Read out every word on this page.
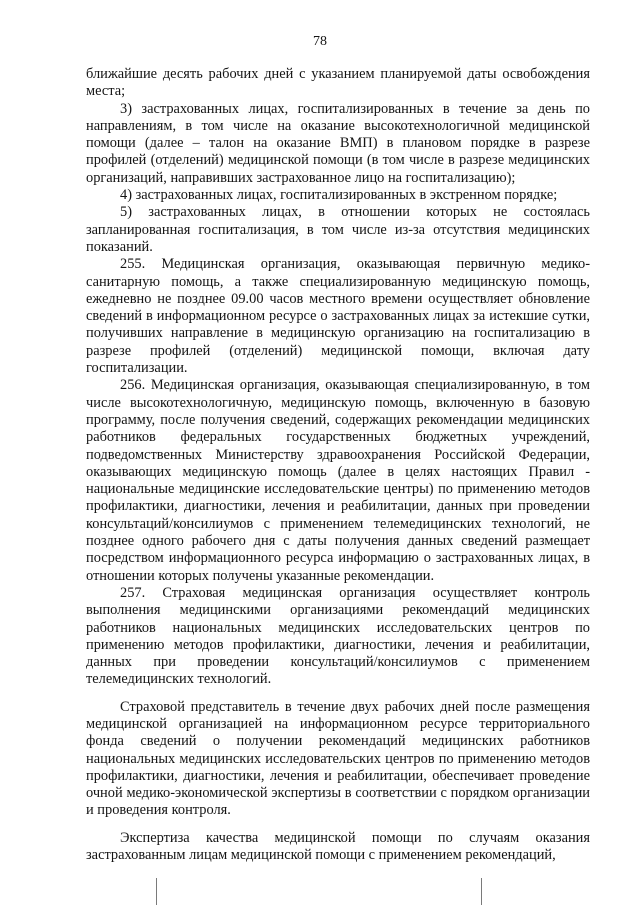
78

ближайшие десять рабочих дней с указанием планируемой даты освобождения места;

3) застрахованных лицах, госпитализированных в течение за день по направлениям, в том числе на оказание высокотехнологичной медицинской помощи (далее – талон на оказание ВМП) в плановом порядке в разрезе профилей (отделений) медицинской помощи (в том числе в разрезе медицинских организаций, направивших застрахованное лицо на госпитализацию);

4) застрахованных лицах, госпитализированных в экстренном порядке;

5) застрахованных лицах, в отношении которых не состоялась запланированная госпитализация, в том числе из-за отсутствия медицинских показаний.

255. Медицинская организация, оказывающая первичную медико-санитарную помощь, а также специализированную медицинскую помощь, ежедневно не позднее 09.00 часов местного времени осуществляет обновление сведений в информационном ресурсе о застрахованных лицах за истекшие сутки, получивших направление в медицинскую организацию на госпитализацию в разрезе профилей (отделений) медицинской помощи, включая дату госпитализации.

256. Медицинская организация, оказывающая специализированную, в том числе высокотехнологичную, медицинскую помощь, включенную в базовую программу, после получения сведений, содержащих рекомендации медицинских работников федеральных государственных бюджетных учреждений, подведомственных Министерству здравоохранения Российской Федерации, оказывающих медицинскую помощь (далее в целях настоящих Правил - национальные медицинские исследовательские центры) по применению методов профилактики, диагностики, лечения и реабилитации, данных при проведении консультаций/консилиумов с применением телемедицинских технологий, не позднее одного рабочего дня с даты получения данных сведений размещает посредством информационного ресурса информацию о застрахованных лицах, в отношении которых получены указанные рекомендации.

257. Страховая медицинская организация осуществляет контроль выполнения медицинскими организациями рекомендаций медицинских работников национальных медицинских исследовательских центров по применению методов профилактики, диагностики, лечения и реабилитации, данных при проведении консультаций/консилиумов с применением телемедицинских технологий.

Страховой представитель в течение двух рабочих дней после размещения медицинской организацией на информационном ресурсе территориального фонда сведений о получении рекомендаций медицинских работников национальных медицинских исследовательских центров по применению методов профилактики, диагностики, лечения и реабилитации, обеспечивает проведение очной медико-экономической экспертизы в соответствии с порядком организации и проведения контроля.

Экспертиза качества медицинской помощи по случаям оказания застрахованным лицам медицинской помощи с применением рекомендаций,
